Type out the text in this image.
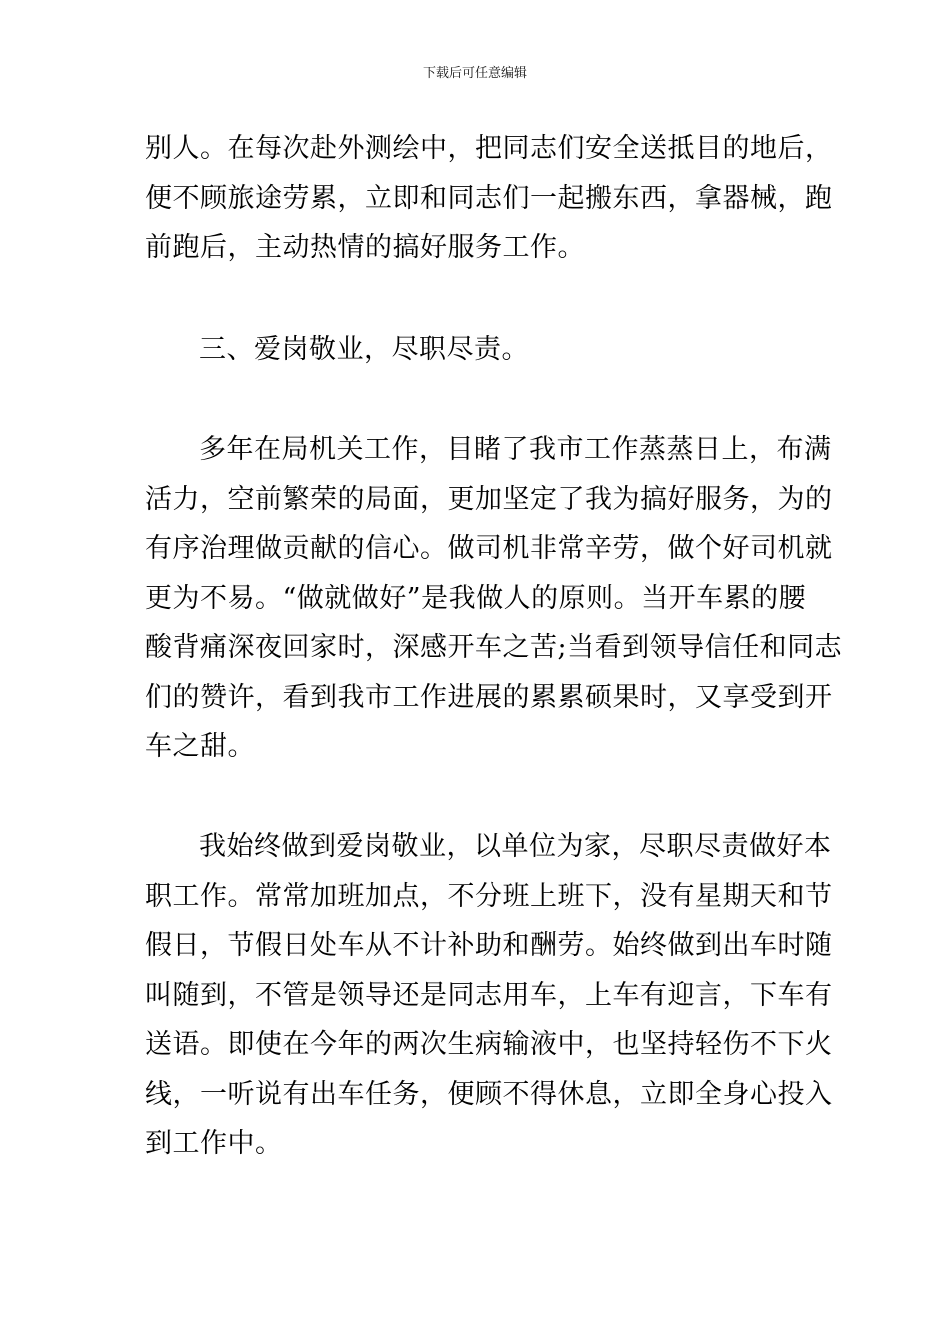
下载后可任意编辑
别人。在每次赴外测绘中，把同志们安全送抵目的地后，
便不顾旅途劳累，立即和同志们一起搬东西，拿器械，跑
前跑后，主动热情的搞好服务工作。
三、爱岗敬业，尽职尽责。
多年在局机关工作，目睹了我市工作蒸蒸日上，布满
活力，空前繁荣的局面，更加坚定了我为搞好服务，为的
有序治理做贡献的信心。做司机非常辛劳，做个好司机就
更为不易。“做就做好”是我做人的原则。当开车累的腰
酸背痛深夜回家时，深感开车之苦;当看到领导信任和同志
们的赞许，看到我市工作进展的累累硕果时，又享受到开
车之甜。
我始终做到爱岗敬业，以单位为家，尽职尽责做好本
职工作。常常加班加点，不分班上班下，没有星期天和节
假日，节假日处车从不计补助和酬劳。始终做到出车时随
叫随到，不管是领导还是同志用车，上车有迎言，下车有
送语。即使在今年的两次生病输液中，也坚持轻伤不下火
线，一听说有出车任务，便顾不得休息，立即全身心投入
到工作中。
